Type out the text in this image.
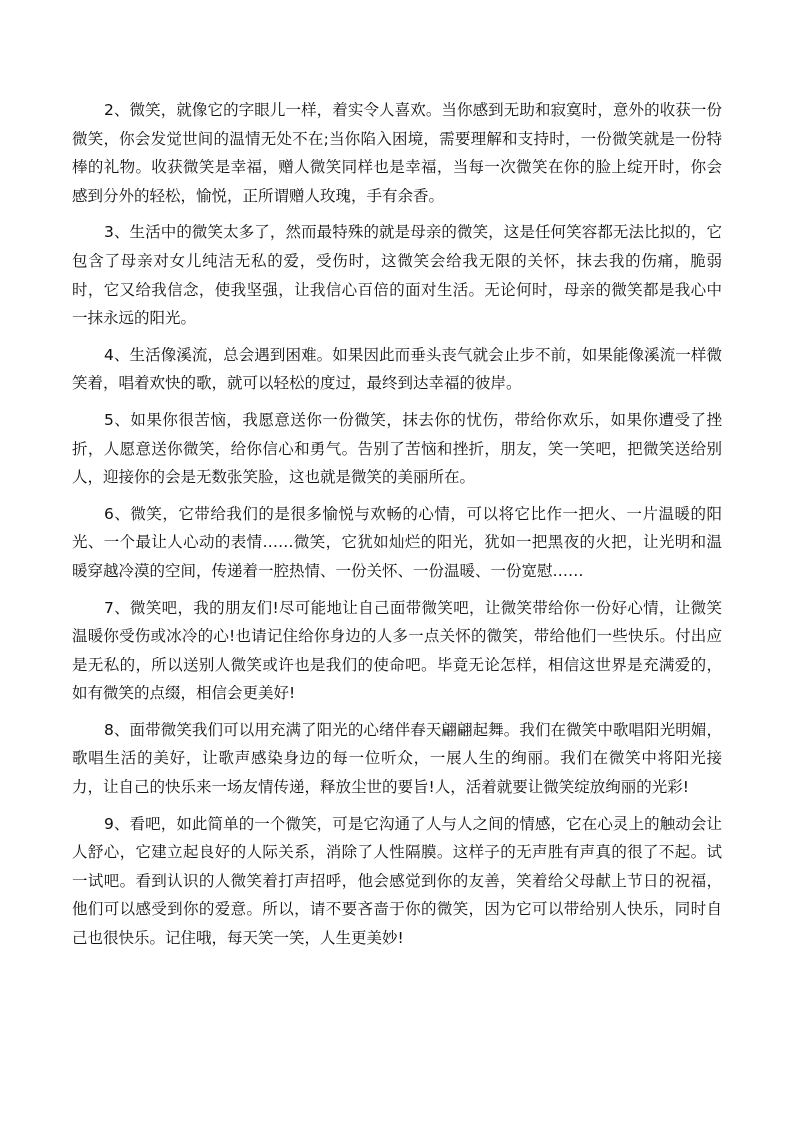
2、微笑，就像它的字眼儿一样，着实令人喜欢。当你感到无助和寂寞时，意外的收获一份微笑，你会发觉世间的温情无处不在;当你陷入困境，需要理解和支持时，一份微笑就是一份特棒的礼物。收获微笑是幸福，赠人微笑同样也是幸福，当每一次微笑在你的脸上绽开时，你会感到分外的轻松，愉悦，正所谓赠人玫瑰，手有余香。

3、生活中的微笑太多了，然而最特殊的就是母亲的微笑，这是任何笑容都无法比拟的，它包含了母亲对女儿纯洁无私的爱，受伤时，这微笑会给我无限的关怀，抹去我的伤痛，脆弱时，它又给我信念，使我坚强，让我信心百倍的面对生活。无论何时，母亲的微笑都是我心中一抹永远的阳光。

4、生活像溪流，总会遇到困难。如果因此而垂头丧气就会止步不前，如果能像溪流一样微笑着，唱着欢快的歌，就可以轻松的度过，最终到达幸福的彼岸。

5、如果你很苦恼，我愿意送你一份微笑，抹去你的忧伤，带给你欢乐，如果你遭受了挫折，人愿意送你微笑，给你信心和勇气。告别了苦恼和挫折，朋友，笑一笑吧，把微笑送给别人，迎接你的会是无数张笑脸，这也就是微笑的美丽所在。

6、微笑，它带给我们的是很多愉悦与欢畅的心情，可以将它比作一把火、一片温暖的阳光、一个最让人心动的表情……微笑，它犹如灿烂的阳光，犹如一把黑夜的火把，让光明和温暖穿越冷漠的空间，传递着一腔热情、一份关怀、一份温暖、一份宽慰……

7、微笑吧，我的朋友们!尽可能地让自己面带微笑吧，让微笑带给你一份好心情，让微笑温暖你受伤或冰冷的心!也请记住给你身边的人多一点关怀的微笑，带给他们一些快乐。付出应是无私的，所以送别人微笑或许也是我们的使命吧。毕竟无论怎样，相信这世界是充满爱的，如有微笑的点缀，相信会更美好!

8、面带微笑我们可以用充满了阳光的心绪伴春天翩翩起舞。我们在微笑中歌唱阳光明媚，歌唱生活的美好，让歌声感染身边的每一位听众，一展人生的绚丽。我们在微笑中将阳光接力，让自己的快乐来一场友情传递，释放尘世的要旨!人，活着就要让微笑绽放绚丽的光彩!

9、看吧，如此简单的一个微笑，可是它沟通了人与人之间的情感，它在心灵上的触动会让人舒心，它建立起良好的人际关系，消除了人性隔膜。这样子的无声胜有声真的很了不起。试一试吧。看到认识的人微笑着打声招呼，他会感觉到你的友善，笑着给父母献上节日的祝福，他们可以感受到你的爱意。所以，请不要吝啬于你的微笑，因为它可以带给别人快乐，同时自己也很快乐。记住哦，每天笑一笑，人生更美妙!
